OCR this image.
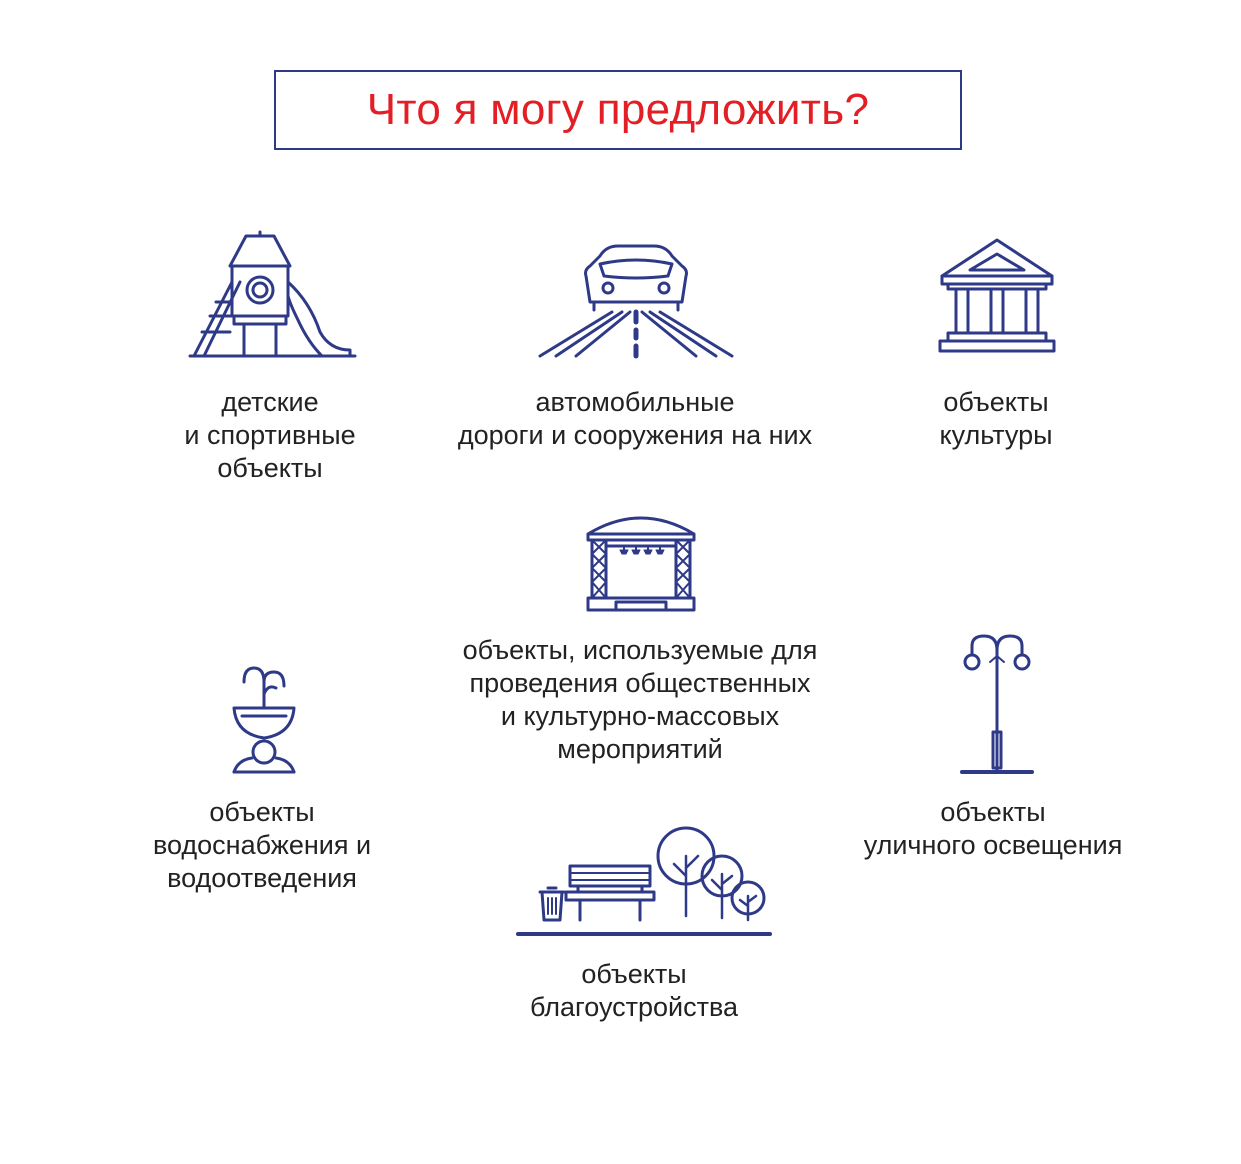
Что я могу предложить?
детские
и спортивные
объекты
автомобильные
дороги и сооружения на них
объекты
культуры
объекты, используемые для
проведения общественных
и культурно-массовых
мероприятий
объекты
водоснабжения и
водоотведения
объекты
уличного освещения
объекты
благоустройства
